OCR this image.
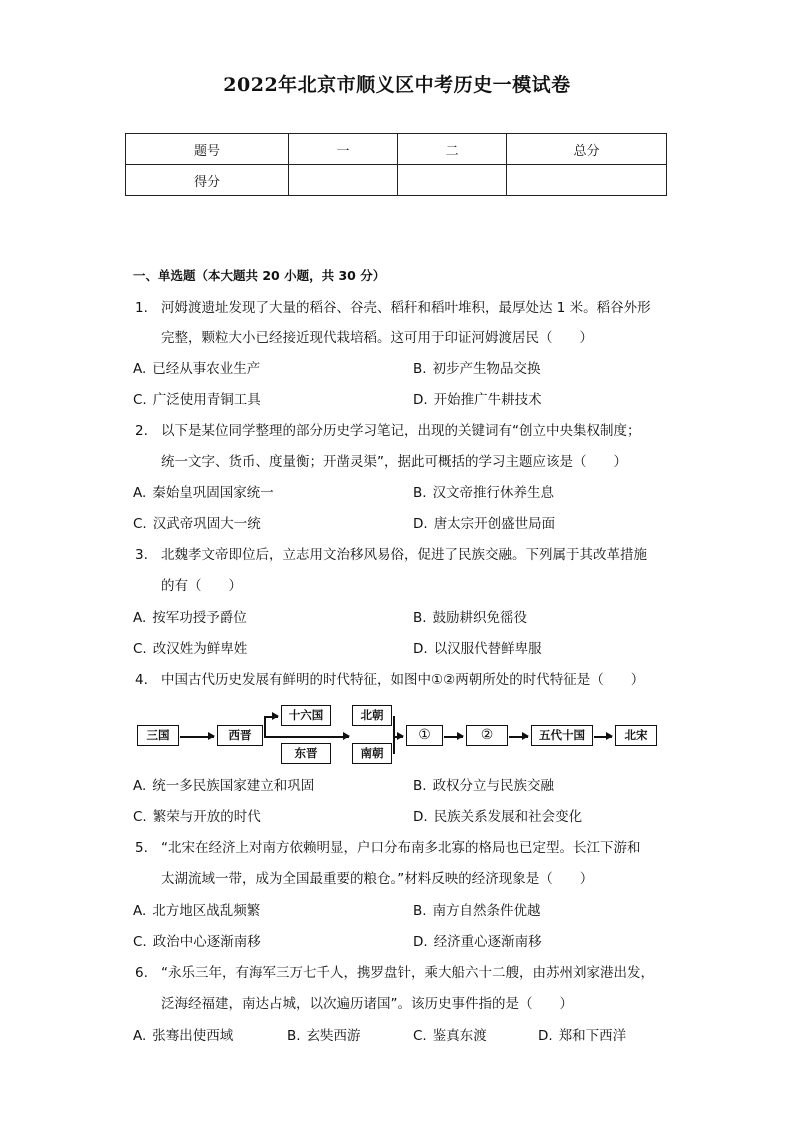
2022年北京市顺义区中考历史一模试卷
题号	一	二	总分
得分			
一、单选题（本大题共 20 小题，共 30 分）
1. 河姆渡遗址发现了大量的稻谷、谷壳、稻秆和稻叶堆积，最厚处达 1 米。稻谷外形
完整，颗粒大小已经接近现代栽培稻。这可用于印证河姆渡居民（　　）
A. 已经从事农业生产	B. 初步产生物品交换
C. 广泛使用青铜工具	D. 开始推广牛耕技术
2. 以下是某位同学整理的部分历史学习笔记，出现的关键词有“创立中央集权制度；
统一文字、货币、度量衡；开凿灵渠”，据此可概括的学习主题应该是（　　）
A. 秦始皇巩固国家统一	B. 汉文帝推行休养生息
C. 汉武帝巩固大一统	D. 唐太宗开创盛世局面
3. 北魏孝文帝即位后，立志用文治移风易俗，促进了民族交融。下列属于其改革措施
的有（　　）
A. 按军功授予爵位	B. 鼓励耕织免徭役
C. 改汉姓为鲜卑姓	D. 以汉服代替鲜卑服
4. 中国古代历史发展有鲜明的时代特征，如图中①②两朝所处的时代特征是（　　）
三国	西晋
十六国
东晋
北朝
南朝
①	②	五代十国	北宋
A. 统一多民族国家建立和巩固	B. 政权分立与民族交融
C. 繁荣与开放的时代	D. 民族关系发展和社会变化
5. “北宋在经济上对南方依赖明显，户口分布南多北寡的格局也已定型。长江下游和
太湖流域一带，成为全国最重要的粮仓。”材料反映的经济现象是（　　）
A. 北方地区战乱频繁	B. 南方自然条件优越
C. 政治中心逐渐南移	D. 经济重心逐渐南移
6. “永乐三年，有海军三万七千人，携罗盘针，乘大船六十二艘，由苏州刘家港出发，
泛海经福建，南达占城，以次遍历诸国”。该历史事件指的是（　　）
A. 张骞出使西域	B. 玄奘西游	C. 鉴真东渡	D. 郑和下西洋
